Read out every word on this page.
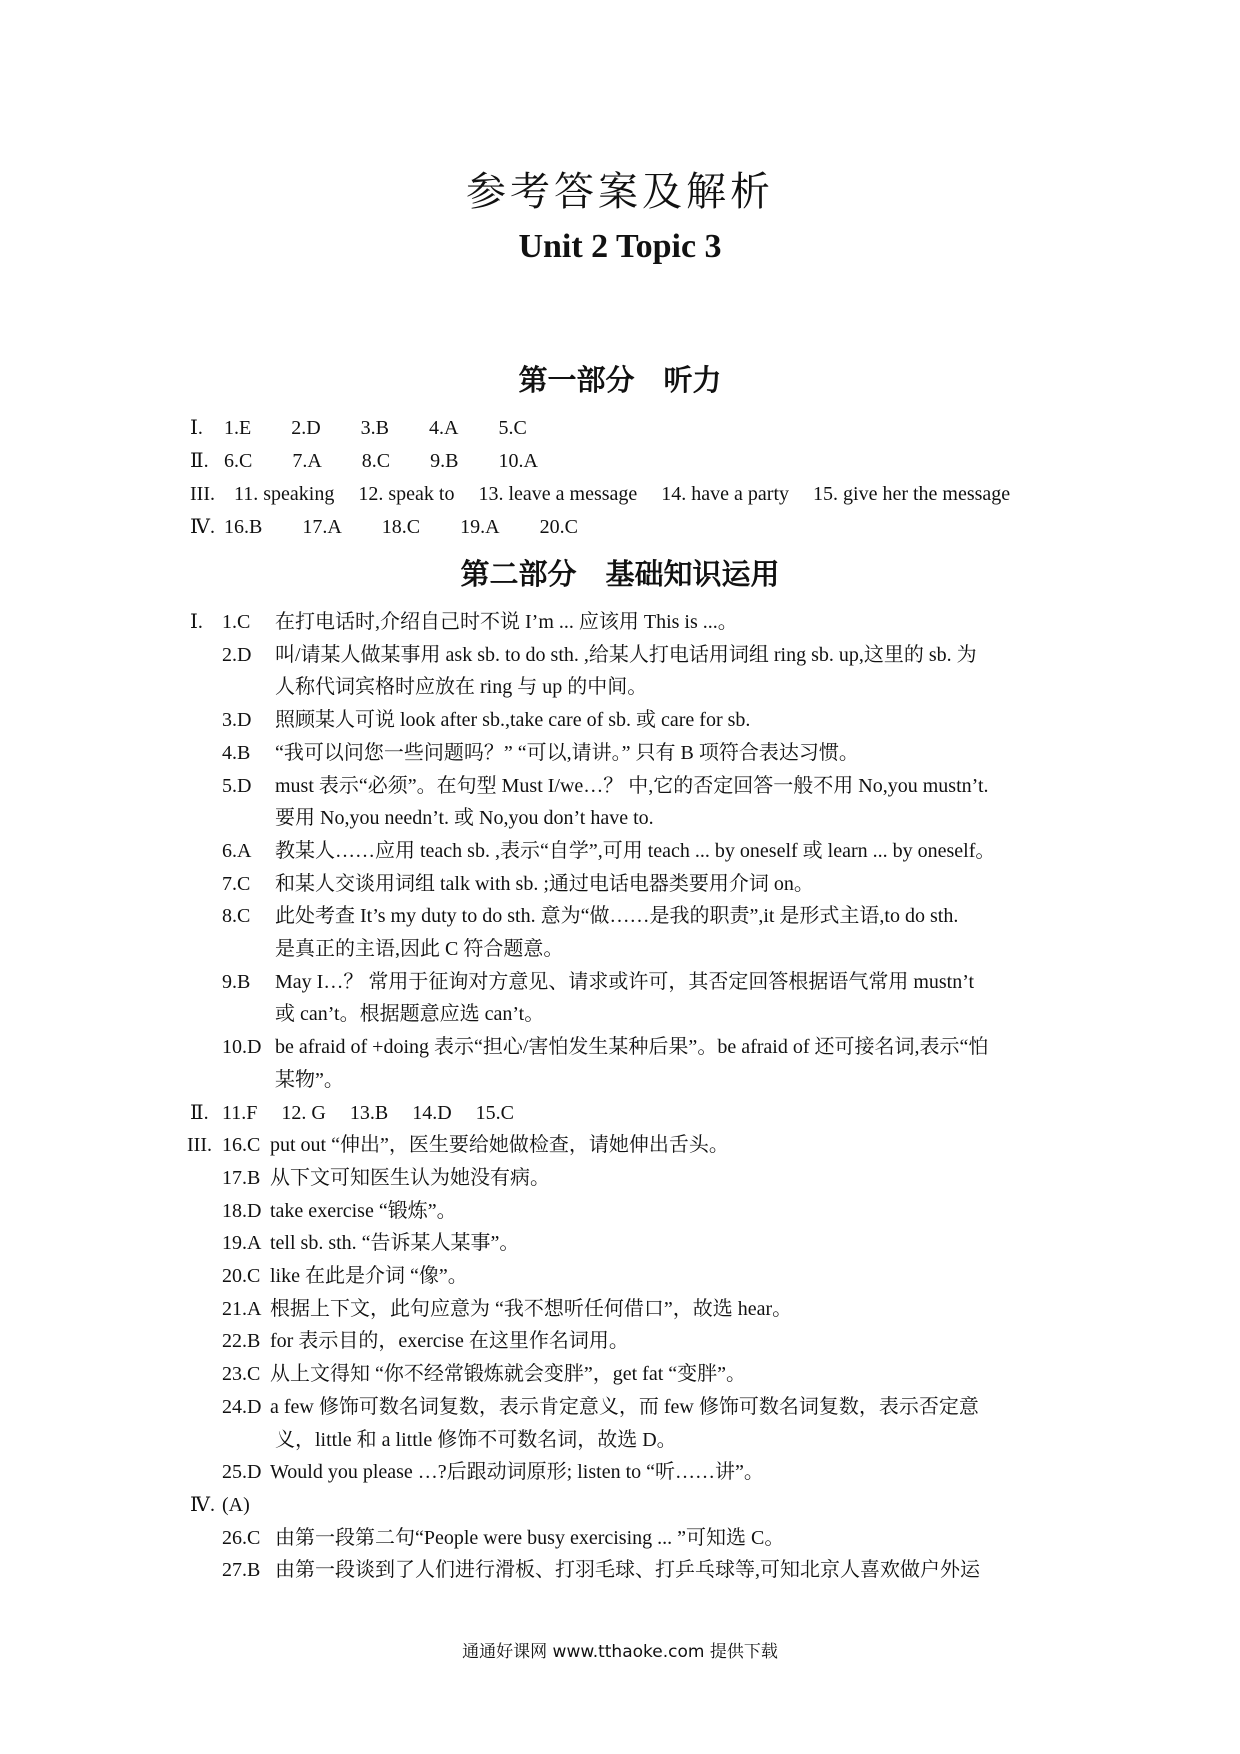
参考答案及解析
Unit 2 Topic 3
第一部分　听力
Ⅰ. 1.E 2.D 3.B 4.A 5.C
Ⅱ. 6.C 7.A 8.C 9.B 10.A
III. 11. speaking 12. speak to 13. leave a message 14. have a party 15. give her the message
Ⅳ. 16.B 17.A 18.C 19.A 20.C
第二部分　基础知识运用
Ⅰ. 1.C 在打电话时,介绍自己时不说 I’m ... 应该用 This is ...。
2.D 叫/请某人做某事用 ask sb. to do sth. ,给某人打电话用词组 ring sb. up,这里的 sb. 为
人称代词宾格时应放在 ring 与 up 的中间。
3.D 照顾某人可说 look after sb.,take care of sb. 或 care for sb.
4.B “我可以问您一些问题吗？” “可以,请讲。” 只有 B 项符合表达习惯。
5.D must 表示“必须”。在句型 Must I/we…？ 中,它的否定回答一般不用 No,you mustn’t.
要用 No,you needn’t. 或 No,you don’t have to.
6.A 教某人……应用 teach sb. ,表示“自学”,可用 teach ... by oneself 或 learn ... by oneself。
7.C 和某人交谈用词组 talk with sb. ;通过电话电器类要用介词 on。
8.C 此处考查 It’s my duty to do sth. 意为“做……是我的职责”,it 是形式主语,to do sth.
是真正的主语,因此 C 符合题意。
9.B May I…？ 常用于征询对方意见、请求或许可，其否定回答根据语气常用 mustn’t
或 can’t。根据题意应选 can’t。
10.D be afraid of +doing 表示“担心/害怕发生某种后果”。be afraid of 还可接名词,表示“怕
某物”。
Ⅱ. 11.F 12. G 13.B 14.D 15.C
III. 16.C put out “伸出”，医生要给她做检查，请她伸出舌头。
17.B 从下文可知医生认为她没有病。
18.D take exercise “锻炼”。
19.A tell sb. sth. “告诉某人某事”。
20.C like 在此是介词 “像”。
21.A 根据上下文，此句应意为 “我不想听任何借口”，故选 hear。
22.B for 表示目的，exercise 在这里作名词用。
23.C 从上文得知 “你不经常锻炼就会变胖”，get fat “变胖”。
24.D a few 修饰可数名词复数，表示肯定意义，而 few 修饰可数名词复数，表示否定意
义，little 和 a little 修饰不可数名词，故选 D。
25.D Would you please …?后跟动词原形; listen to “听……讲”。
Ⅳ. (A)
26.C 由第一段第二句“People were busy exercising ... ”可知选 C。
27.B 由第一段谈到了人们进行滑板、打羽毛球、打乒乓球等,可知北京人喜欢做户外运
通通好课网 www.tthaoke.com 提供下载
